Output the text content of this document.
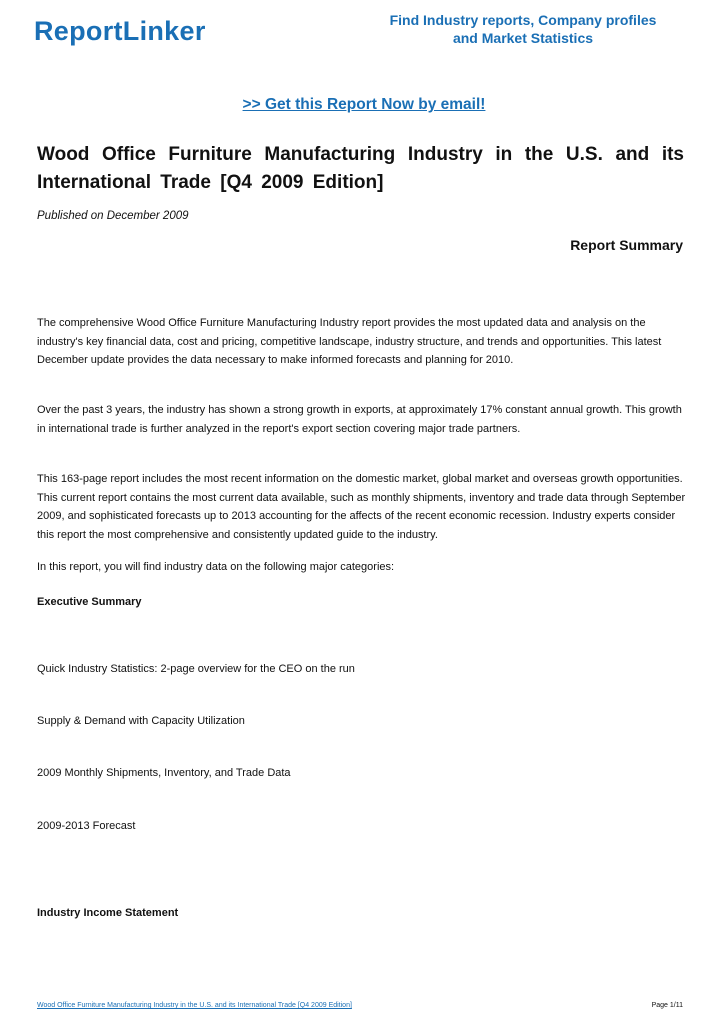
ReportLinker	Find Industry reports, Company profiles
and Market Statistics
>> Get this Report Now by email!
Wood Office Furniture Manufacturing Industry in the U.S. and its International Trade [Q4 2009 Edition]
Published on December 2009
Report Summary

The comprehensive Wood Office Furniture Manufacturing Industry report provides the most updated data and analysis on the industry's key financial data, cost and pricing, competitive landscape, industry structure, and trends and opportunities. This latest December update provides the data necessary to make informed forecasts and planning for 2010.

Over the past 3 years, the industry has shown a strong growth in exports, at approximately 17% constant annual growth. This growth in international trade is further analyzed in the report's export section covering major trade partners.

This 163-page report includes the most recent information on the domestic market, global market and overseas growth opportunities. This current report contains the most current data available, such as monthly shipments, inventory and trade data through September 2009, and sophisticated forecasts up to 2013 accounting for the affects of the recent economic recession. Industry experts consider this report the most comprehensive and consistently updated guide to the industry.

In this report, you will find industry data on the following major categories:

Executive Summary

Quick Industry Statistics: 2-page overview for the CEO on the run

Supply & Demand with Capacity Utilization

2009 Monthly Shipments, Inventory, and Trade Data

2009-2013 Forecast

Industry Income Statement

Wood Office Furniture Manufacturing Industry in the U.S. and its International Trade [Q4 2009 Edition]	Page 1/11
